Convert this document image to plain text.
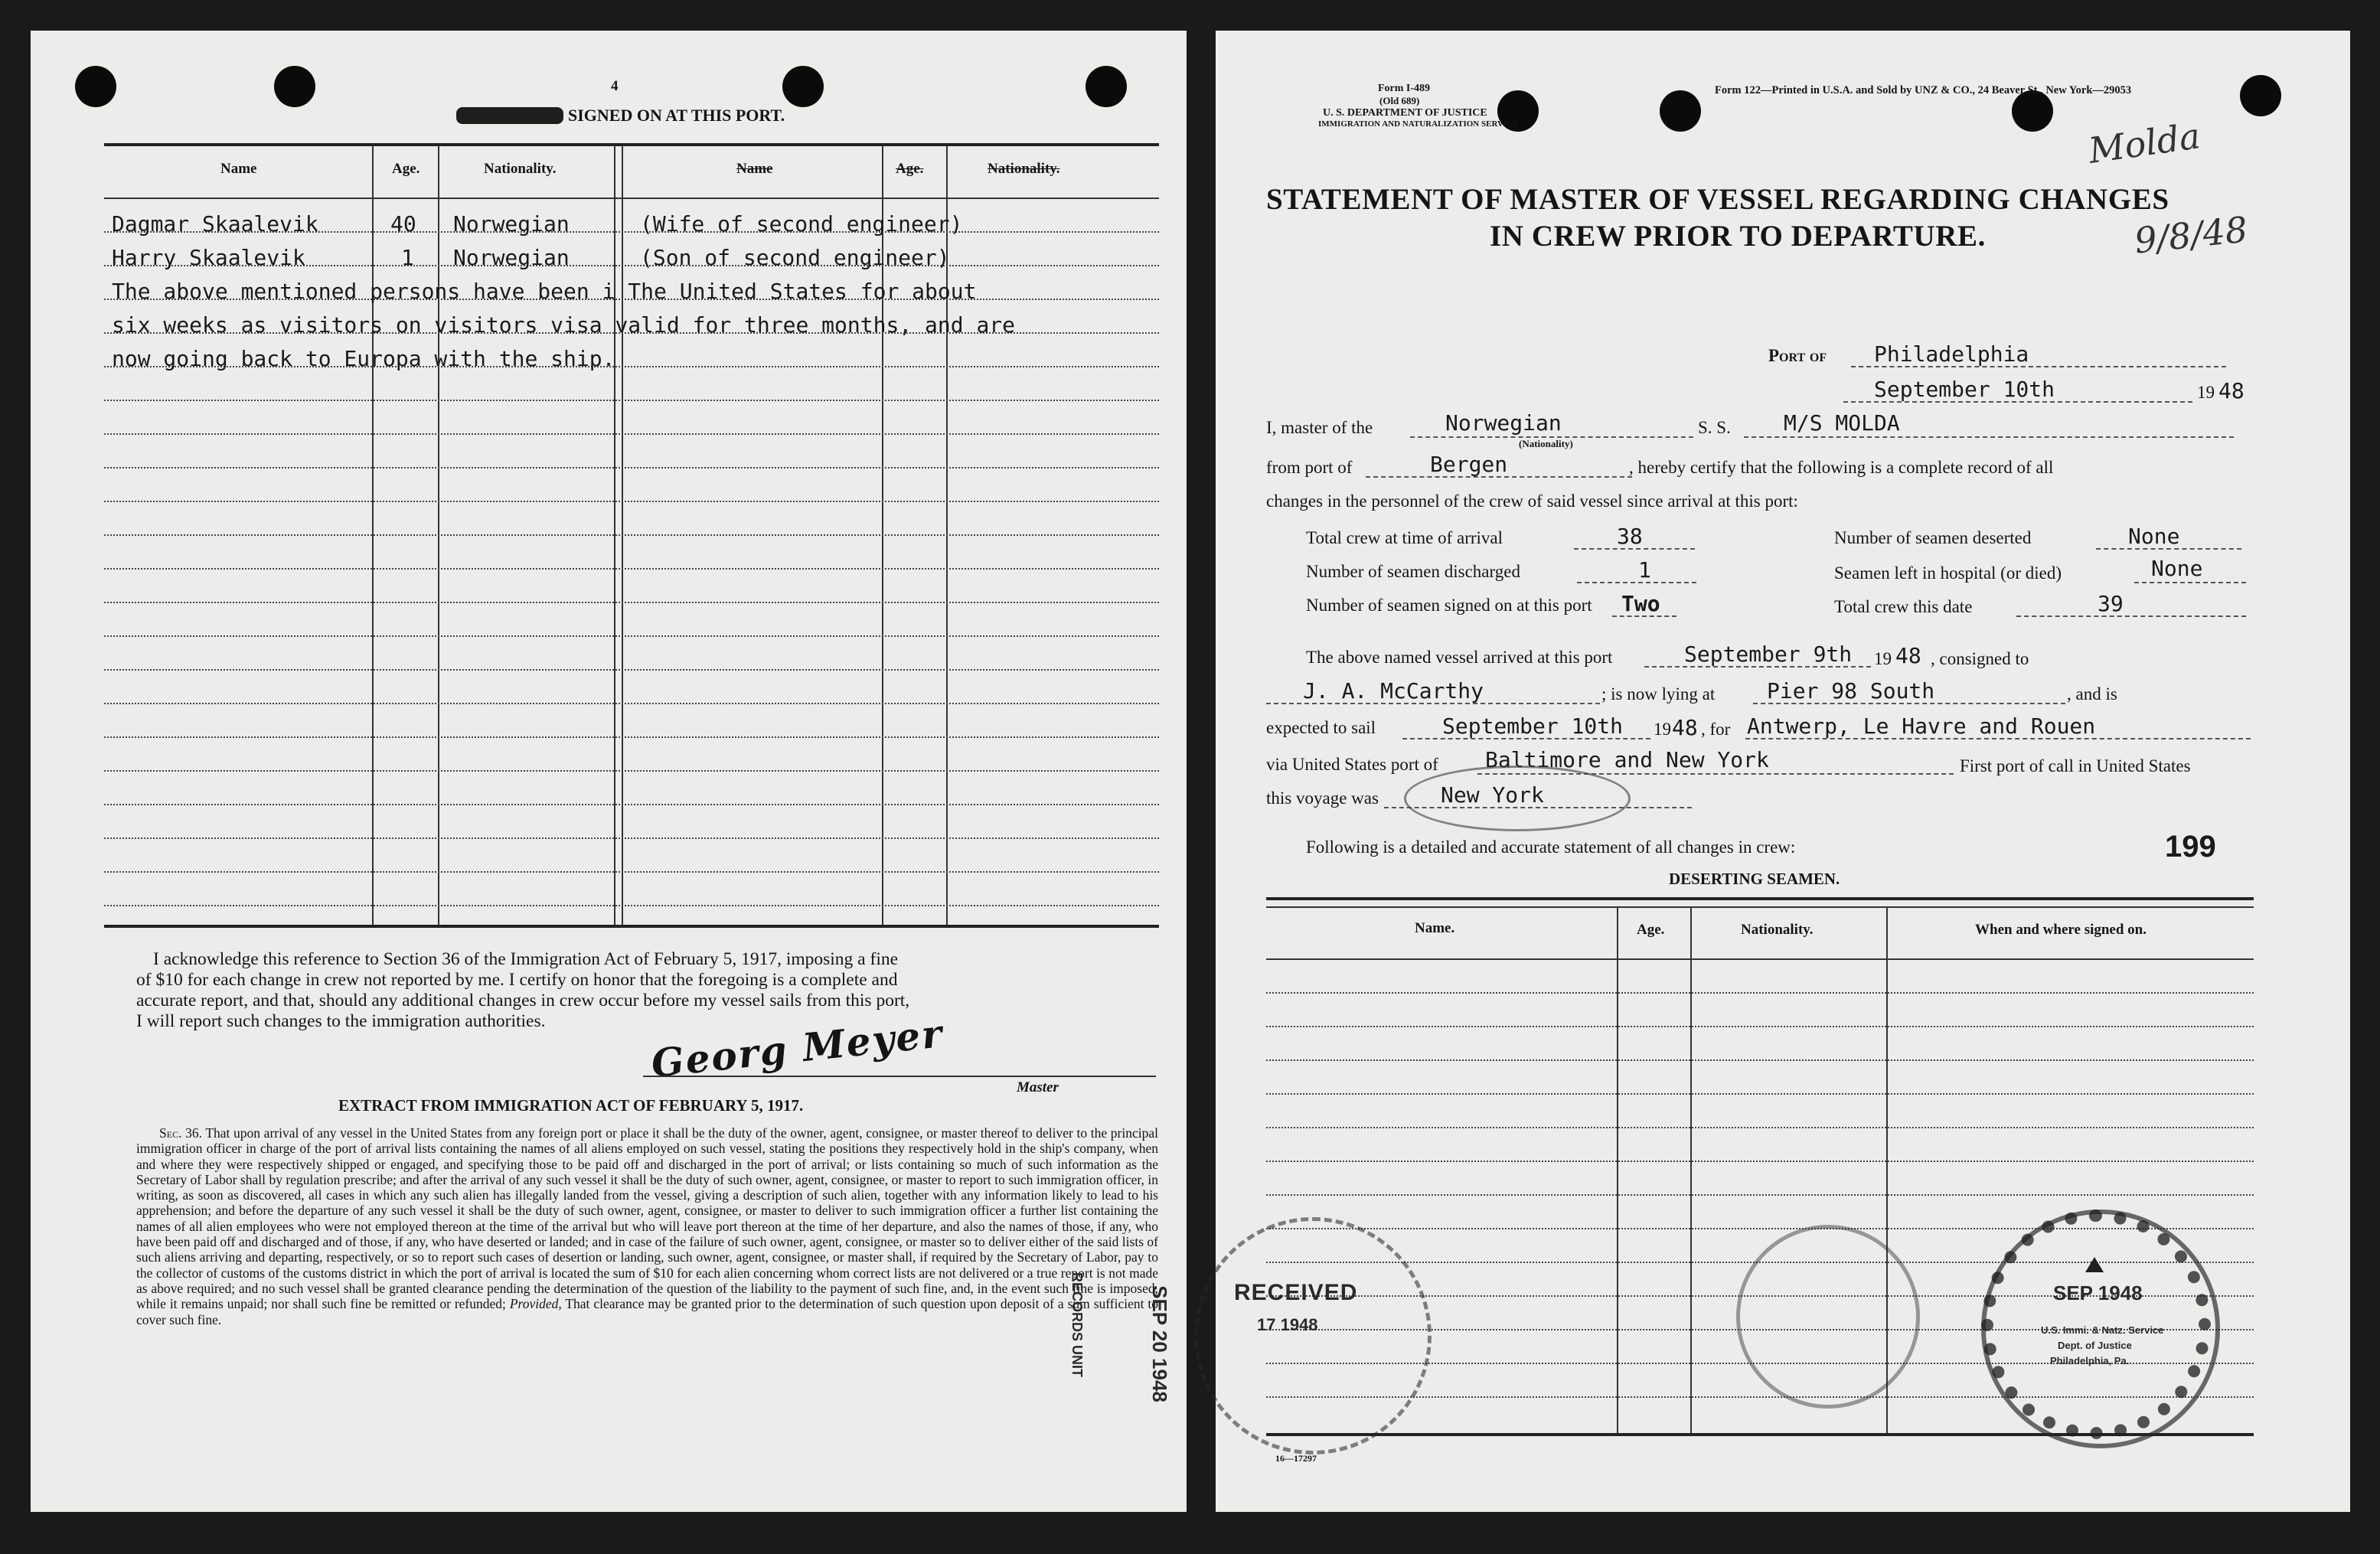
4
SIGNED ON AT THIS PORT.
Name	Age.	Nationality.	Name	Age.	Nationality.
Dagmar Skaalevik	40 Norwegian	(Wife of second engineer)
Harry Skaalevik	1 Norwegian	(Son of second engineer)
The above mentioned persons have been i The United States for about
six weeks as visitors on visitors visa valid for three months, and are
now going back to Europa with the ship.
I acknowledge this reference to Section 36 of the Immigration Act of February 5, 1917, imposing a fine
of $10 for each change in crew not reported by me. I certify on honor that the foregoing is a complete and
accurate report, and that, should any additional changes in crew occur before my vessel sails from this port,
I will report such changes to the immigration authorities.	Georg Meyer
Master
EXTRACT FROM IMMIGRATION ACT OF FEBRUARY 5, 1917.
Sec. 36. That upon arrival of any vessel in the United States from any foreign port or place it shall be the duty of the owner, agent, consignee, or master thereof to deliver to the principal immigration officer in charge of the port of arrival lists containing the names of all aliens employed on such vessel, stating the positions they respectively hold in the ship's company, when and where they were respectively shipped or engaged, and specifying those to be paid off and discharged in the port of arrival; or lists containing so much of such information as the Secretary of Labor shall by regulation prescribe; and after the arrival of any such vessel it shall be the duty of such owner, agent, consignee, or master to report to such immigration officer, in writing, as soon as discovered, all cases in which any such alien has illegally landed from the vessel, giving a description of such alien, together with any information likely to lead to his apprehension; and before the departure of any such vessel it shall be the duty of such owner, agent, consignee, or master to deliver to such immigration officer a further list containing the names of all alien employees who were not employed thereon at the time of the arrival but who will leave port thereon at the time of her departure, and also the names of those, if any, who have been paid off and discharged and of those, if any, who have deserted or landed; and in case of the failure of such owner, agent, consignee, or master so to deliver either of the said lists of such aliens arriving and departing, respectively, or so to report such cases of desertion or landing, such owner, agent, consignee, or master shall, if required by the Secretary of Labor, pay to the collector of customs of the customs district in which the port of arrival is located the sum of $10 for each alien concerning whom correct lists are not delivered or a true report is not made as above required; and no such vessel shall be granted clearance pending the determination of the question of the liability to the payment of such fine, and, in the event such fine is imposed, while it remains unpaid; nor shall such fine be remitted or refunded; Provided, That clearance may be granted prior to the determination of such question upon deposit of a sum sufficient to cover such fine.
Form I-489
(Old 689)
U. S. DEPARTMENT OF JUSTICE
IMMIGRATION AND NATURALIZATION SERVICE
Form 122—Printed in U.S.A. and Sold by UNZ & CO., 24 Beaver St., New York—29053
Molda
9/8/48
STATEMENT OF MASTER OF VESSEL REGARDING CHANGES
IN CREW PRIOR TO DEPARTURE.
Port of Philadelphia
September 10th	19 48
I, master of the	Norwegian
(Nationality)
S. S. M/S MOLDA
from port of	Bergen	, hereby certify that the following is a complete record of all
changes in the personnel of the crew of said vessel since arrival at this port:
Total crew at time of arrival	38	Number of seamen deserted	None
Number of seamen discharged	1	Seamen left in hospital (or died)	None
Number of seamen signed on at this port Two	Total crew this date	39
The above named vessel arrived at this port	September 9th 19 48 , consigned to
J. A. McCarthy	; is now lying at Pier 98 South	, and is
expected to sail	September 10th 19 48 , for Antwerp, Le Havre and Rouen
via United States port of Baltimore and New York	First port of call in United States
this voyage was	New York
Following is a detailed and accurate statement of all changes in crew:	199
DESERTING SEAMEN.
Name.	Age.	Nationality.	When and where signed on.
16—17297
RECEIVED
17 1948
SEP 20 1948
RECORDS UNIT	SEP 1948
U.S. Immi. & Natz. Service
Dept. of Justice
Philadelphia, Pa.
